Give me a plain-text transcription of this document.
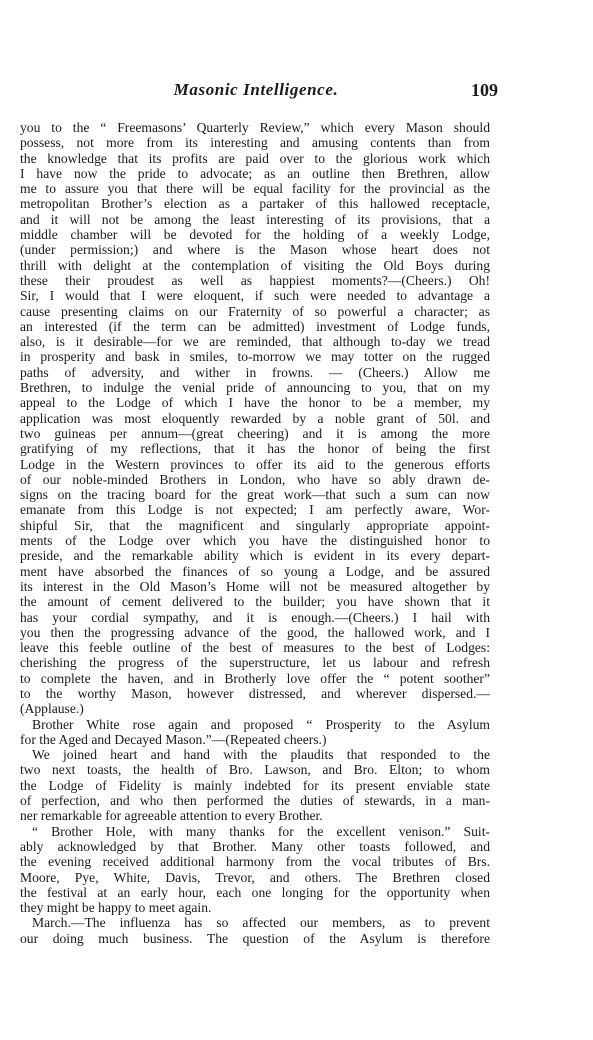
Masonic Intelligence.	109
you to the “ Freemasons’ Quarterly Review,” which every Mason should
possess, not more from its interesting and amusing contents than from
the knowledge that its profits are paid over to the glorious work which
I have now the pride to advocate; as an outline then Brethren, allow
me to assure you that there will be equal facility for the provincial as the
metropolitan Brother’s election as a partaker of this hallowed receptacle,
and it will not be among the least interesting of its provisions, that a
middle chamber will be devoted for the holding of a weekly Lodge,
(under permission;) and where is the Mason whose heart does not
thrill with delight at the contemplation of visiting the Old Boys during
these their proudest as well as happiest moments?—(Cheers.) Oh!
Sir, I would that I were eloquent, if such were needed to advantage a
cause presenting claims on our Fraternity of so powerful a character; as
an interested (if the term can be admitted) investment of Lodge funds,
also, is it desirable—for we are reminded, that although to-day we tread
in prosperity and bask in smiles, to-morrow we may totter on the rugged
paths of adversity, and wither in frowns. — (Cheers.) Allow me
Brethren, to indulge the venial pride of announcing to you, that on my
appeal to the Lodge of which I have the honor to be a member, my
application was most eloquently rewarded by a noble grant of 50l. and
two guineas per annum—(great cheering) and it is among the more
gratifying of my reflections, that it has the honor of being the first
Lodge in the Western provinces to offer its aid to the generous efforts
of our noble-minded Brothers in London, who have so ably drawn de-
signs on the tracing board for the great work—that such a sum can now
emanate from this Lodge is not expected; I am perfectly aware, Wor-
shipful Sir, that the magnificent and singularly appropriate appoint-
ments of the Lodge over which you have the distinguished honor to
preside, and the remarkable ability which is evident in its every depart-
ment have absorbed the finances of so young a Lodge, and be assured
its interest in the Old Mason’s Home will not be measured altogether by
the amount of cement delivered to the builder; you have shown that it
has your cordial sympathy, and it is enough.—(Cheers.) I hail with
you then the progressing advance of the good, the hallowed work, and I
leave this feeble outline of the best of measures to the best of Lodges:
cherishing the progress of the superstructure, let us labour and refresh
to complete the haven, and in Brotherly love offer the “ potent soother”
to the worthy Mason, however distressed, and wherever dispersed.—
(Applause.)
Brother White rose again and proposed “ Prosperity to the Asylum
for the Aged and Decayed Mason.”—(Repeated cheers.)
We joined heart and hand with the plaudits that responded to the
two next toasts, the health of Bro. Lawson, and Bro. Elton; to whom
the Lodge of Fidelity is mainly indebted for its present enviable state
of perfection, and who then performed the duties of stewards, in a man-
ner remarkable for agreeable attention to every Brother.
“ Brother Hole, with many thanks for the excellent venison.” Suit-
ably acknowledged by that Brother. Many other toasts followed, and
the evening received additional harmony from the vocal tributes of Brs.
Moore, Pye, White, Davis, Trevor, and others. The Brethren closed
the festival at an early hour, each one longing for the opportunity when
they might be happy to meet again.
March.—The influenza has so affected our members, as to prevent
our doing much business. The question of the Asylum is therefore
